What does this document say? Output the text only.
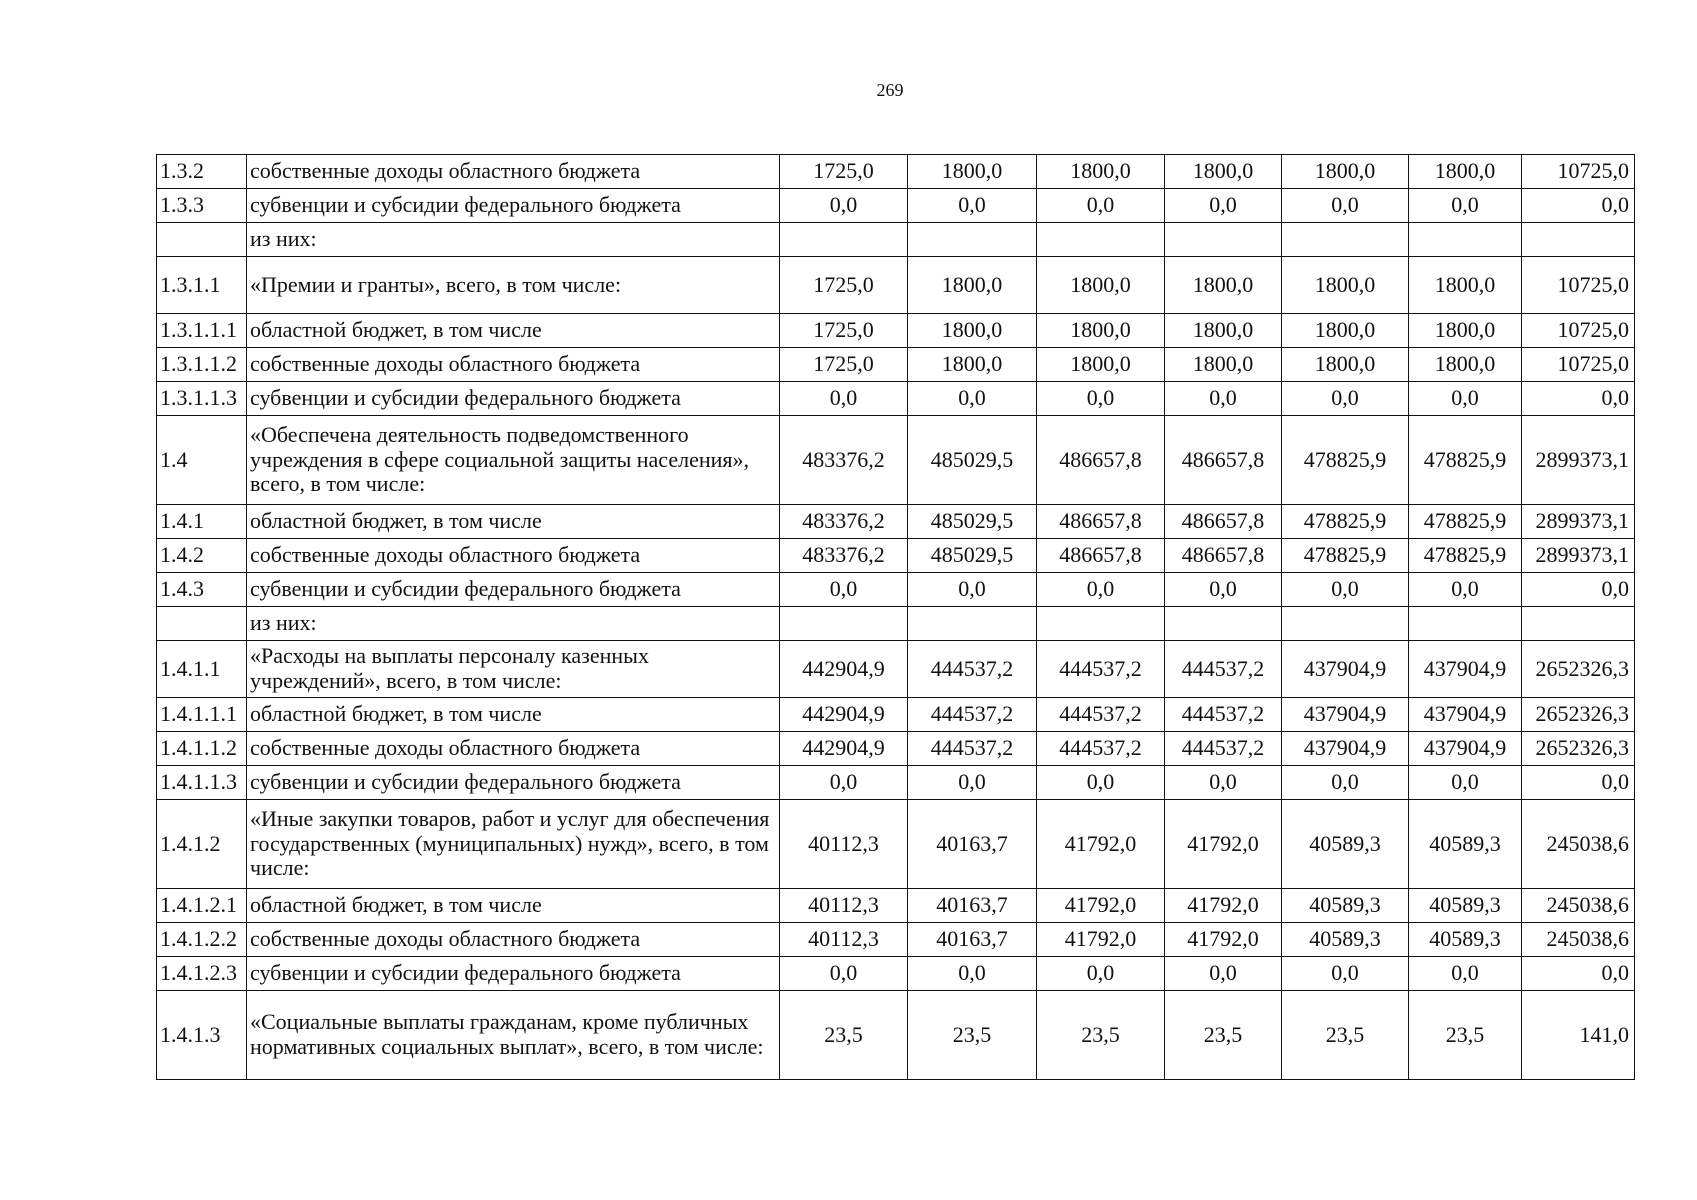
269
1.3.2	собственные доходы областного бюджета	1725,0	1800,0	1800,0	1800,0	1800,0	1800,0	10725,0
1.3.3	субвенции и субсидии федерального бюджета	0,0	0,0	0,0	0,0	0,0	0,0	0,0
	из них:							
1.3.1.1	«Премии и гранты», всего, в том числе:	1725,0	1800,0	1800,0	1800,0	1800,0	1800,0	10725,0
1.3.1.1.1	областной бюджет, в том числе	1725,0	1800,0	1800,0	1800,0	1800,0	1800,0	10725,0
1.3.1.1.2	собственные доходы областного бюджета	1725,0	1800,0	1800,0	1800,0	1800,0	1800,0	10725,0
1.3.1.1.3	субвенции и субсидии федерального бюджета	0,0	0,0	0,0	0,0	0,0	0,0	0,0
1.4	«Обеспечена деятельность подведомственного учреждения в сфере социальной защиты населения», всего, в том числе:	483376,2	485029,5	486657,8	486657,8	478825,9	478825,9	2899373,1
1.4.1	областной бюджет, в том числе	483376,2	485029,5	486657,8	486657,8	478825,9	478825,9	2899373,1
1.4.2	собственные доходы областного бюджета	483376,2	485029,5	486657,8	486657,8	478825,9	478825,9	2899373,1
1.4.3	субвенции и субсидии федерального бюджета	0,0	0,0	0,0	0,0	0,0	0,0	0,0
	из них:							
1.4.1.1	«Расходы на выплаты персоналу казенных учреждений», всего, в том числе:	442904,9	444537,2	444537,2	444537,2	437904,9	437904,9	2652326,3
1.4.1.1.1	областной бюджет, в том числе	442904,9	444537,2	444537,2	444537,2	437904,9	437904,9	2652326,3
1.4.1.1.2	собственные доходы областного бюджета	442904,9	444537,2	444537,2	444537,2	437904,9	437904,9	2652326,3
1.4.1.1.3	субвенции и субсидии федерального бюджета	0,0	0,0	0,0	0,0	0,0	0,0	0,0
1.4.1.2	«Иные закупки товаров, работ и услуг для обеспечения государственных (муниципальных) нужд», всего, в том числе:	40112,3	40163,7	41792,0	41792,0	40589,3	40589,3	245038,6
1.4.1.2.1	областной бюджет, в том числе	40112,3	40163,7	41792,0	41792,0	40589,3	40589,3	245038,6
1.4.1.2.2	собственные доходы областного бюджета	40112,3	40163,7	41792,0	41792,0	40589,3	40589,3	245038,6
1.4.1.2.3	субвенции и субсидии федерального бюджета	0,0	0,0	0,0	0,0	0,0	0,0	0,0
1.4.1.3	«Социальные выплаты гражданам, кроме публичных нормативных социальных выплат», всего, в том числе:	23,5	23,5	23,5	23,5	23,5	23,5	141,0
